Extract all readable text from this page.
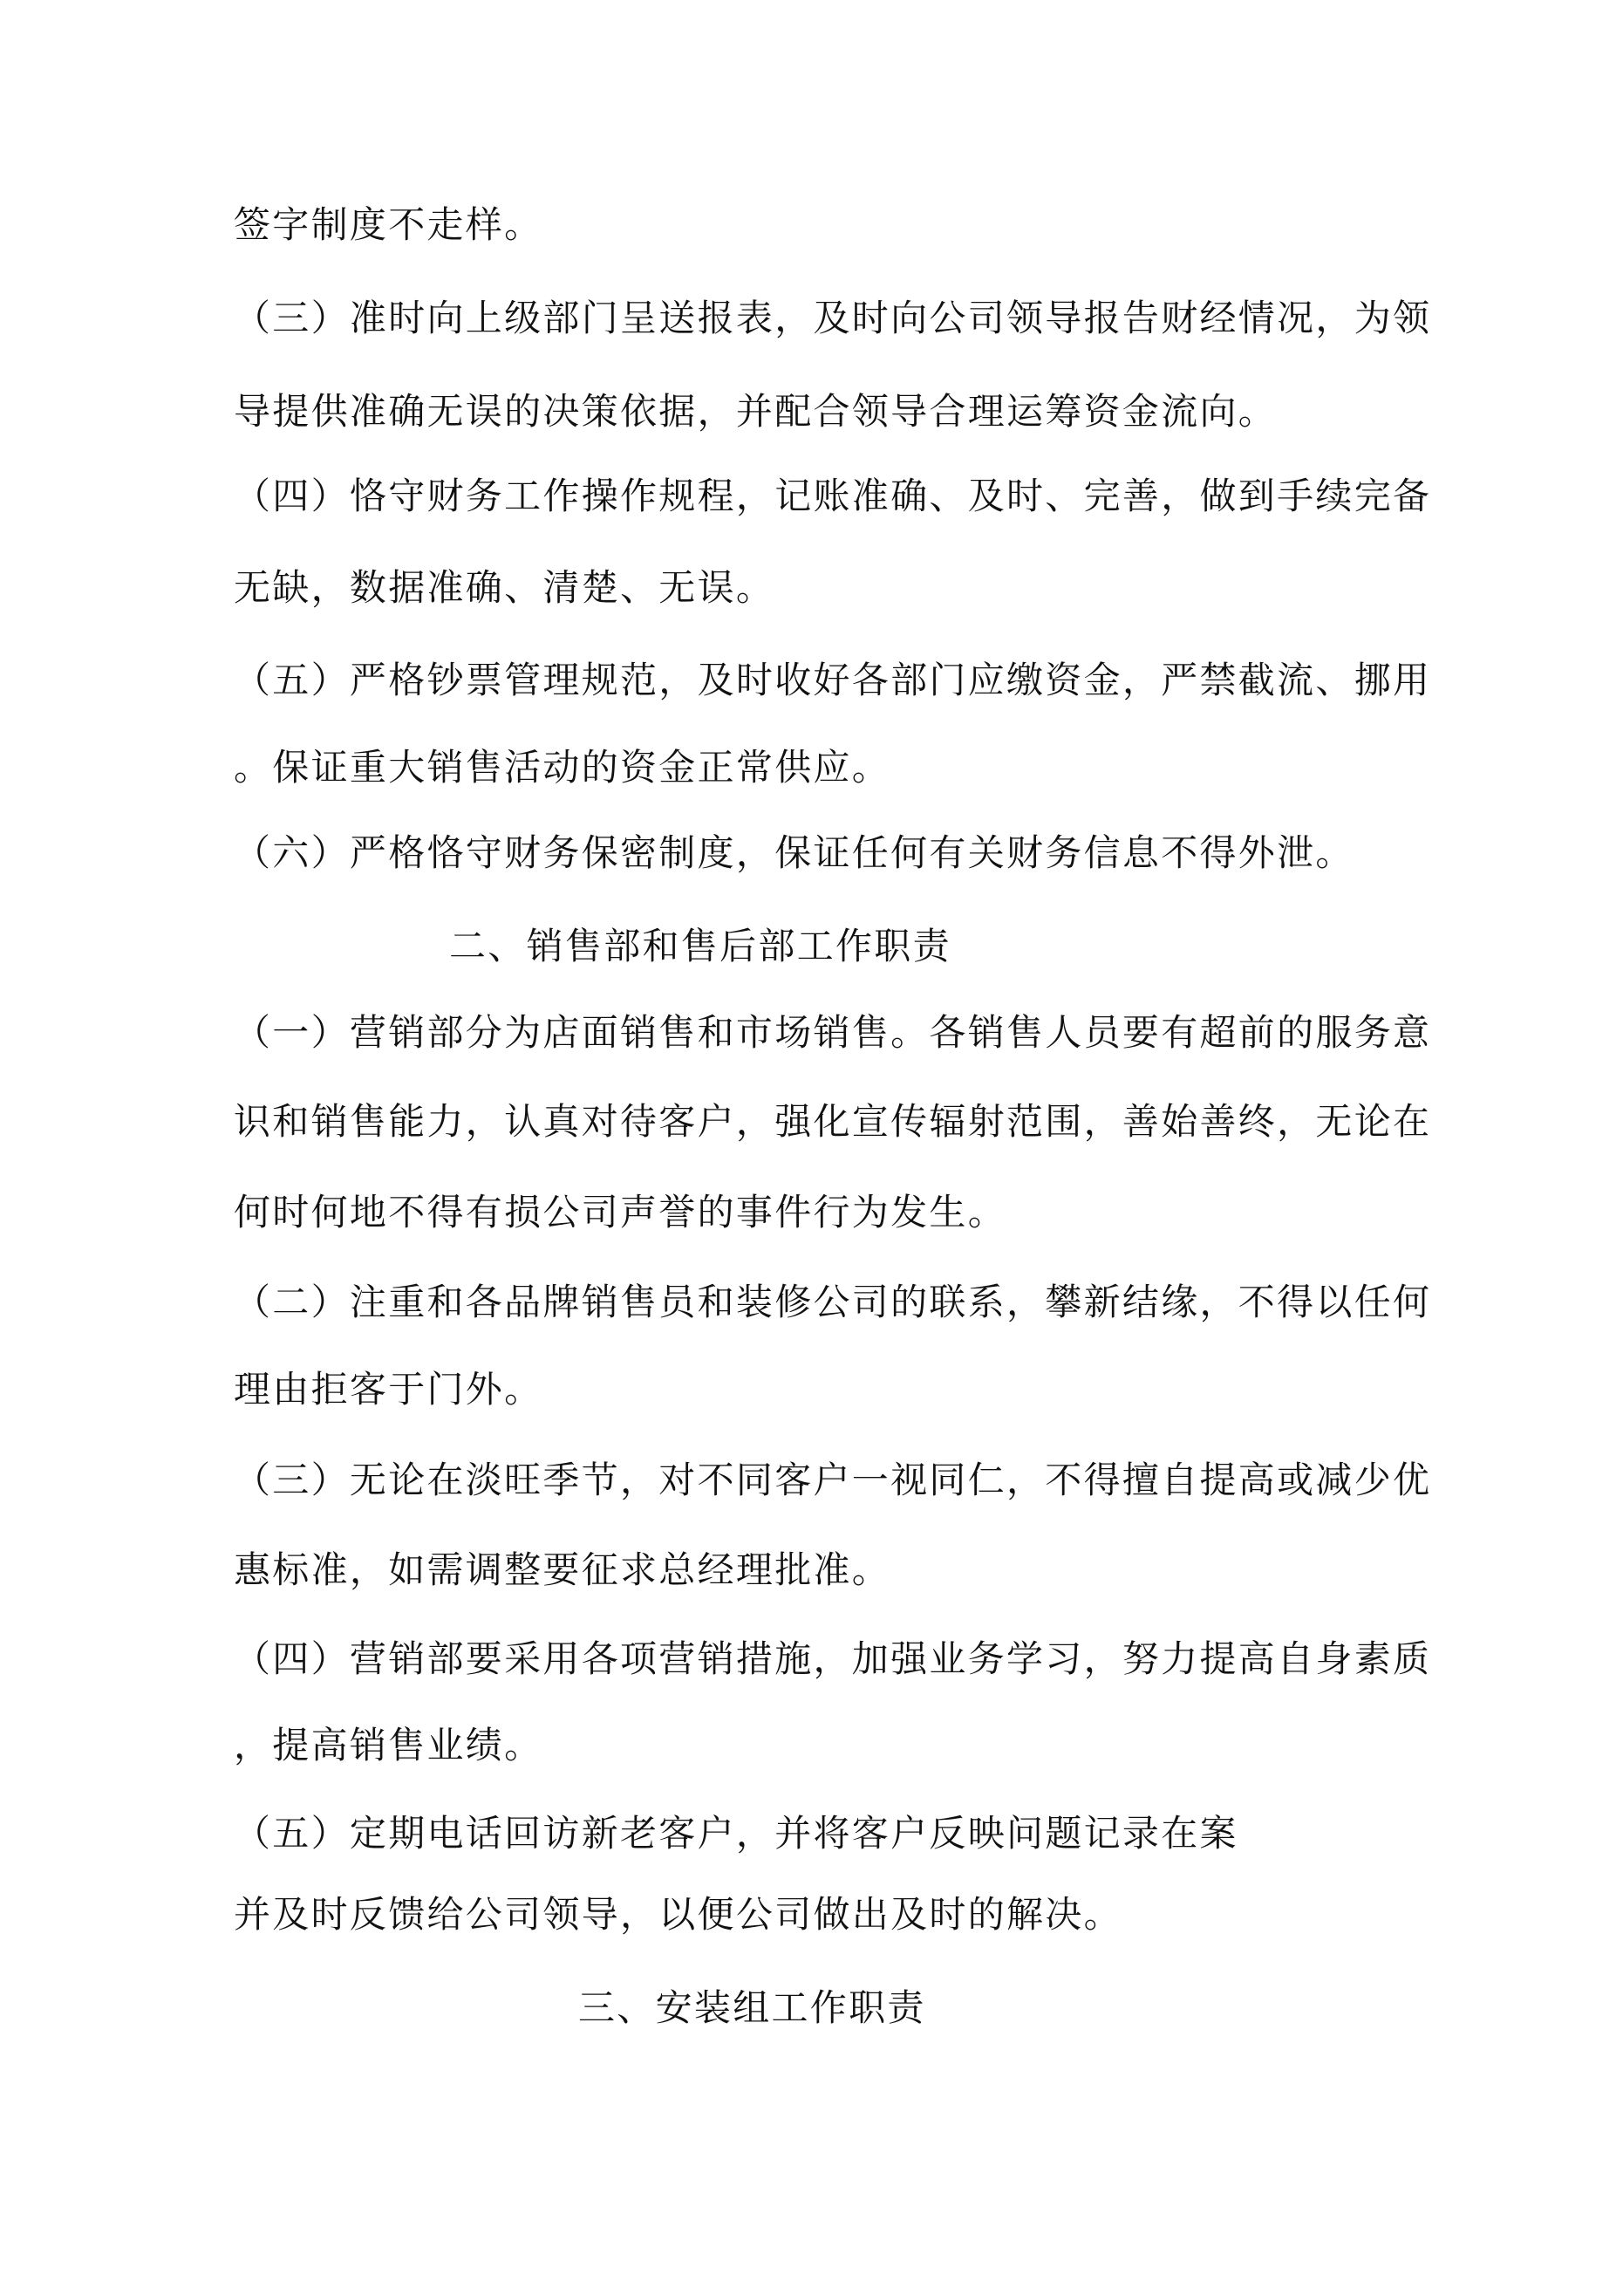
签字制度不走样。
（三）准时向上级部门呈送报表，及时向公司领导报告财经情况，为领
导提供准确无误的决策依据，并配合领导合理运筹资金流向。
（四）恪守财务工作操作规程，记账准确、及时、完善，做到手续完备
无缺，数据准确、清楚、无误。
（五）严格钞票管理规范，及时收好各部门应缴资金，严禁截流、挪用
。保证重大销售活动的资金正常供应。
（六）严格恪守财务保密制度，保证任何有关财务信息不得外泄。
二、销售部和售后部工作职责
（一）营销部分为店面销售和市场销售。各销售人员要有超前的服务意
识和销售能力，认真对待客户，强化宣传辐射范围，善始善终，无论在
何时何地不得有损公司声誉的事件行为发生。
（二）注重和各品牌销售员和装修公司的联系，攀新结缘，不得以任何
理由拒客于门外。
（三）无论在淡旺季节，对不同客户一视同仁，不得擅自提高或减少优
惠标准，如需调整要征求总经理批准。
（四）营销部要采用各项营销措施，加强业务学习，努力提高自身素质
，提高销售业绩。
（五）定期电话回访新老客户，并将客户反映问题记录在案
并及时反馈给公司领导，以便公司做出及时的解决。
三、安装组工作职责
